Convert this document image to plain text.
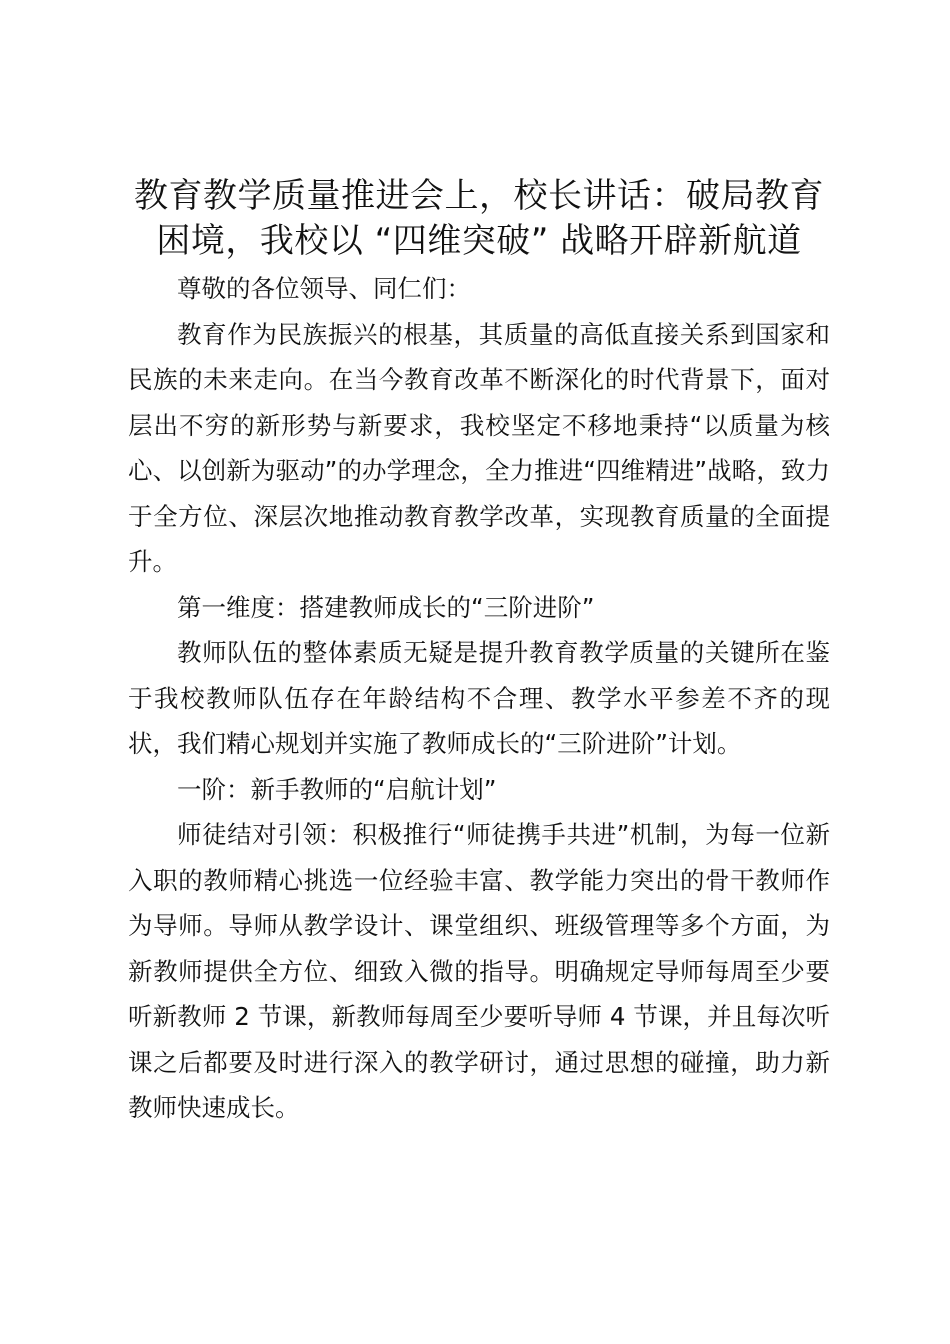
教育教学质量推进会上，校长讲话：破局教育
困境，我校以 “四维突破” 战略开辟新航道

尊敬的各位领导、同仁们：

教育作为民族振兴的根基，其质量的高低直接关系到国家和民族的未来走向。在当今教育改革不断深化的时代背景下，面对层出不穷的新形势与新要求，我校坚定不移地秉持“以质量为核心、以创新为驱动”的办学理念，全力推进“四维精进”战略，致力于全方位、深层次地推动教育教学改革，实现教育质量的全面提升。

第一维度：搭建教师成长的“三阶进阶”

教师队伍的整体素质无疑是提升教育教学质量的关键所在鉴于我校教师队伍存在年龄结构不合理、教学水平参差不齐的现状，我们精心规划并实施了教师成长的“三阶进阶”计划。

一阶：新手教师的“启航计划”

师徒结对引领：积极推行“师徒携手共进”机制，为每一位新入职的教师精心挑选一位经验丰富、教学能力突出的骨干教师作为导师。导师从教学设计、课堂组织、班级管理等多个方面，为新教师提供全方位、细致入微的指导。明确规定导师每周至少要听新教师 2 节课，新教师每周至少要听导师 4 节课，并且每次听课之后都要及时进行深入的教学研讨，通过思想的碰撞，助力新教师快速成长。
